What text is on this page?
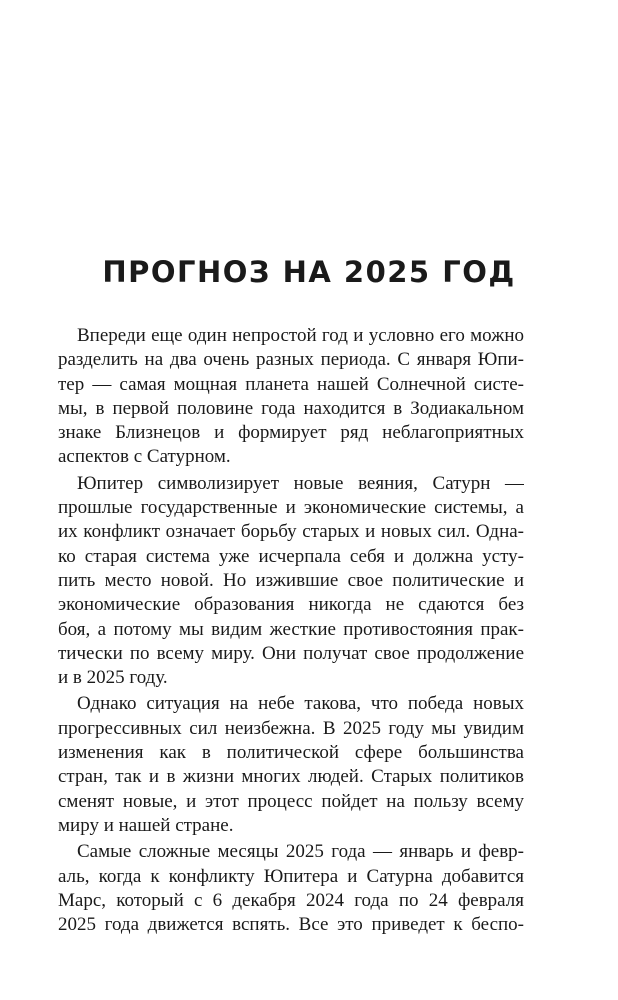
ПРОГНОЗ НА 2025 ГОД
Впереди еще один непростой год и условно его можно
разделить на два очень разных периода. С января Юпи-
тер — самая мощная планета нашей Солнечной систе-
мы, в первой половине года находится в Зодиакальном
знаке Близнецов и формирует ряд неблагоприятных
аспектов с Сатурном.
Юпитер символизирует новые веяния, Сатурн —
прошлые государственные и экономические системы, а
их конфликт означает борьбу старых и новых сил. Однa-
ко старая система уже исчерпала себя и должна усту-
пить место новой. Но изжившие свое политические и
экономические образования никогда не сдаются без
боя, а потому мы видим жесткие противостояния прак-
тически по всему миру. Они получат свое продолжение
и в 2025 году.
Однако ситуация на небе такова, что победа новых
прогрессивных сил неизбежна. В 2025 году мы увидим
изменения как в политической сфере большинства
стран, так и в жизни многих людей. Старых политиков
сменят новые, и этот процесс пойдет на пользу всему
миру и нашей стране.
Самые сложные месяцы 2025 года — январь и февр-
аль, когда к конфликту Юпитера и Сатурна добавится
Марс, который с 6 декабря 2024 года по 24 февраля
2025 года движется вспять. Все это приведет к беспо-
